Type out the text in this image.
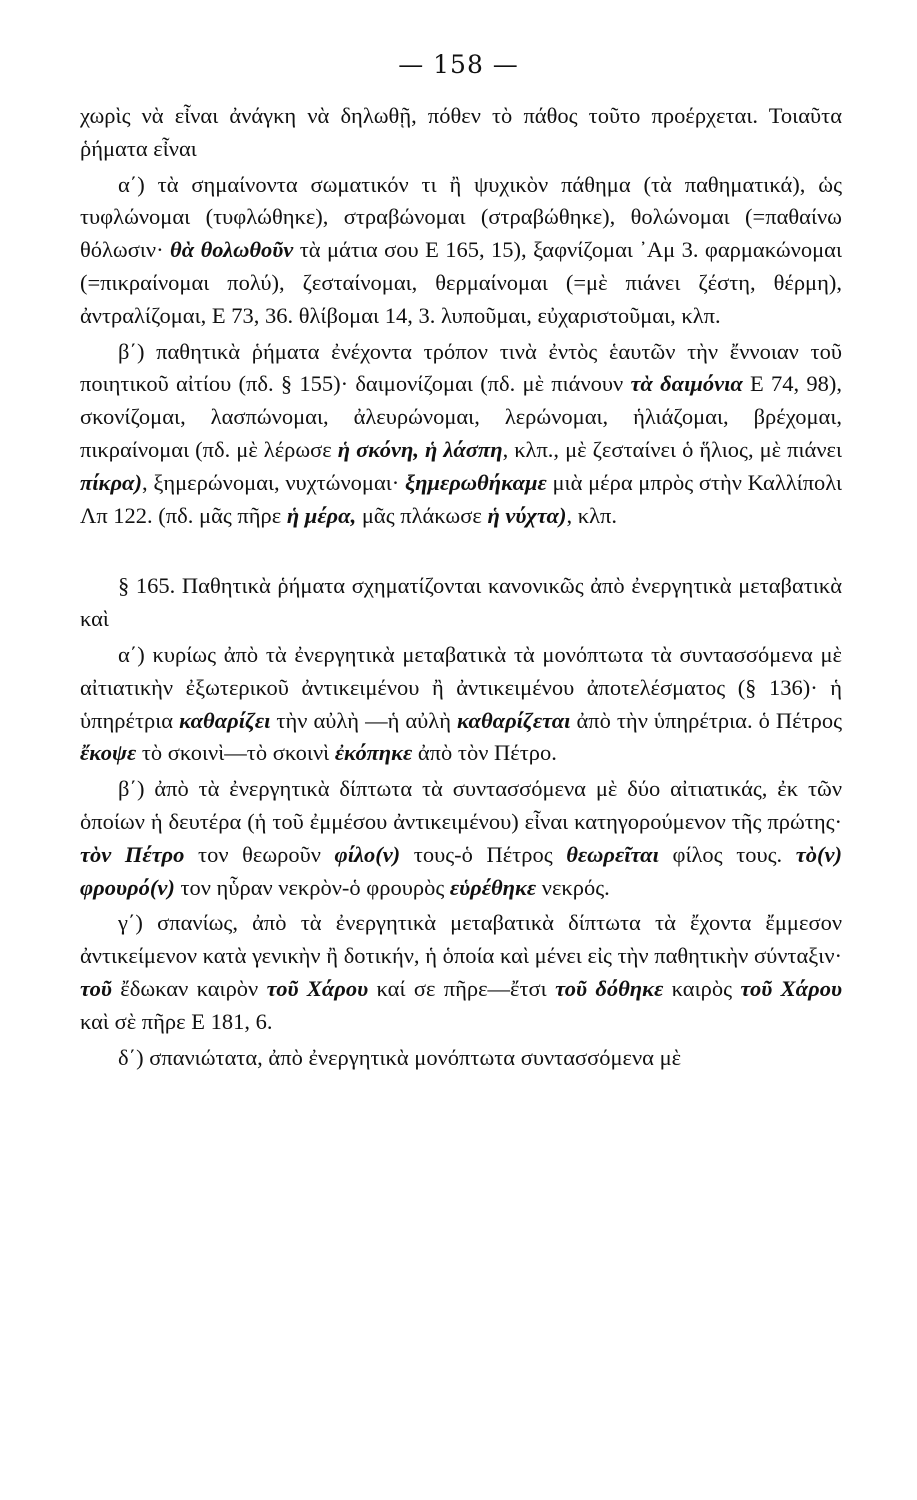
— 158 —

χωρὶς νὰ εἶναι ἀνάγκη νὰ δηλωθῇ, πόθεν τὸ πάθος τοῦτο προέρχεται. Τοιαῦτα ῥήματα εἶναι

α΄) τὰ σημαίνοντα σωματικόν τι ἢ ψυχικὸν πάθημα (τὰ παθηματικά), ὡς τυφλώνομαι (τυφλώθηκε), στραβώνομαι (στραβώθηκε), θολώνομαι (=παθαίνω θόλωσιν· θὰ θολωθοῦν τὰ μάτια σου Ε 165, 15), ξαφνίζομαι ᾿Αμ 3. φαρμακώνομαι (=πικραίνομαι πολύ), ζεσταίνομαι, θερμαίνομαι (=μὲ πιάνει ζέστη, θέρμη), ἀντραλίζομαι, Ε 73, 36. θλίβομαι 14, 3. λυποῦμαι, εὐχαριστοῦμαι, κλπ.

β΄) παθητικὰ ῥήματα ἐνέχοντα τρόπον τινὰ ἐντὸς ἑαυτῶν τὴν ἔννοιαν τοῦ ποιητικοῦ αἰτίου (πδ. § 155)· δαιμονίζομαι (πδ. μὲ πιάνουν τὰ δαιμόνια Ε 74, 98), σκονίζομαι, λασπώνομαι, ἀλευρώνομαι, λερώνομαι, ἡλιάζομαι, βρέχομαι, πικραίνομαι (πδ. μὲ λέρωσε ἡ σκόνη, ἡ λάσπη, κλπ., μὲ ζεσταίνει ὁ ἥλιος, μὲ πιάνει πίκρα), ξημερώνομαι, νυχτώνομαι· ξημερωθήκαμε μιὰ μέρα μπρὸς στὴν Καλλίπολι Λπ 122. (πδ. μᾶς πῆρε ἡ μέρα, μᾶς πλάκωσε ἡ νύχτα), κλπ.

§ 165. Παθητικὰ ῥήματα σχηματίζονται κανονικῶς ἀπὸ ἐνεργητικὰ μεταβατικὰ καὶ

α΄) κυρίως ἀπὸ τὰ ἐνεργητικὰ μεταβατικὰ τὰ μονόπτωτα τὰ συντασσόμενα μὲ αἰτιατικὴν ἐξωτερικοῦ ἀντικειμένου ἢ ἀντικειμένου ἀποτελέσματος (§ 136)· ἡ ὑπηρέτρια καθαρίζει τὴν αὐλὴ —ἡ αὐλὴ καθαρίζεται ἀπὸ τὴν ὑπηρέτρια. ὁ Πέτρος ἔκοψε τὸ σκοινὶ—τὸ σκοινὶ ἐκόπηκε ἀπὸ τὸν Πέτρο.

β΄) ἀπὸ τὰ ἐνεργητικὰ δίπτωτα τὰ συντασσόμενα μὲ δύο αἰτιατικάς, ἐκ τῶν ὁποίων ἡ δευτέρα (ἡ τοῦ ἐμμέσου ἀντικειμένου) εἶναι κατηγορούμενον τῆς πρώτης· τὸν Πέτρο τον θεωροῦν φίλο(ν) τους-ὁ Πέτρος θεωρεῖται φίλος τους. τὸ(ν) φρουρό(ν) τον ηὗραν νεκρὸν-ὁ φρουρὸς εὑρέθηκε νεκρός.

γ΄) σπανίως, ἀπὸ τὰ ἐνεργητικὰ μεταβατικὰ δίπτωτα τὰ ἔχοντα ἔμμεσον ἀντικείμενον κατὰ γενικὴν ἢ δοτικήν, ἡ ὁποία καὶ μένει εἰς τὴν παθητικὴν σύνταξιν· τοῦ ἔδωκαν καιρὸν τοῦ Χάρου καί σε πῆρε—ἔτσι τοῦ δόθηκε καιρὸς τοῦ Χάρου καὶ σὲ πῆρε Ε 181, 6.

δ΄) σπανιώτατα, ἀπὸ ἐνεργητικὰ μονόπτωτα συντασσόμενα μὲ
